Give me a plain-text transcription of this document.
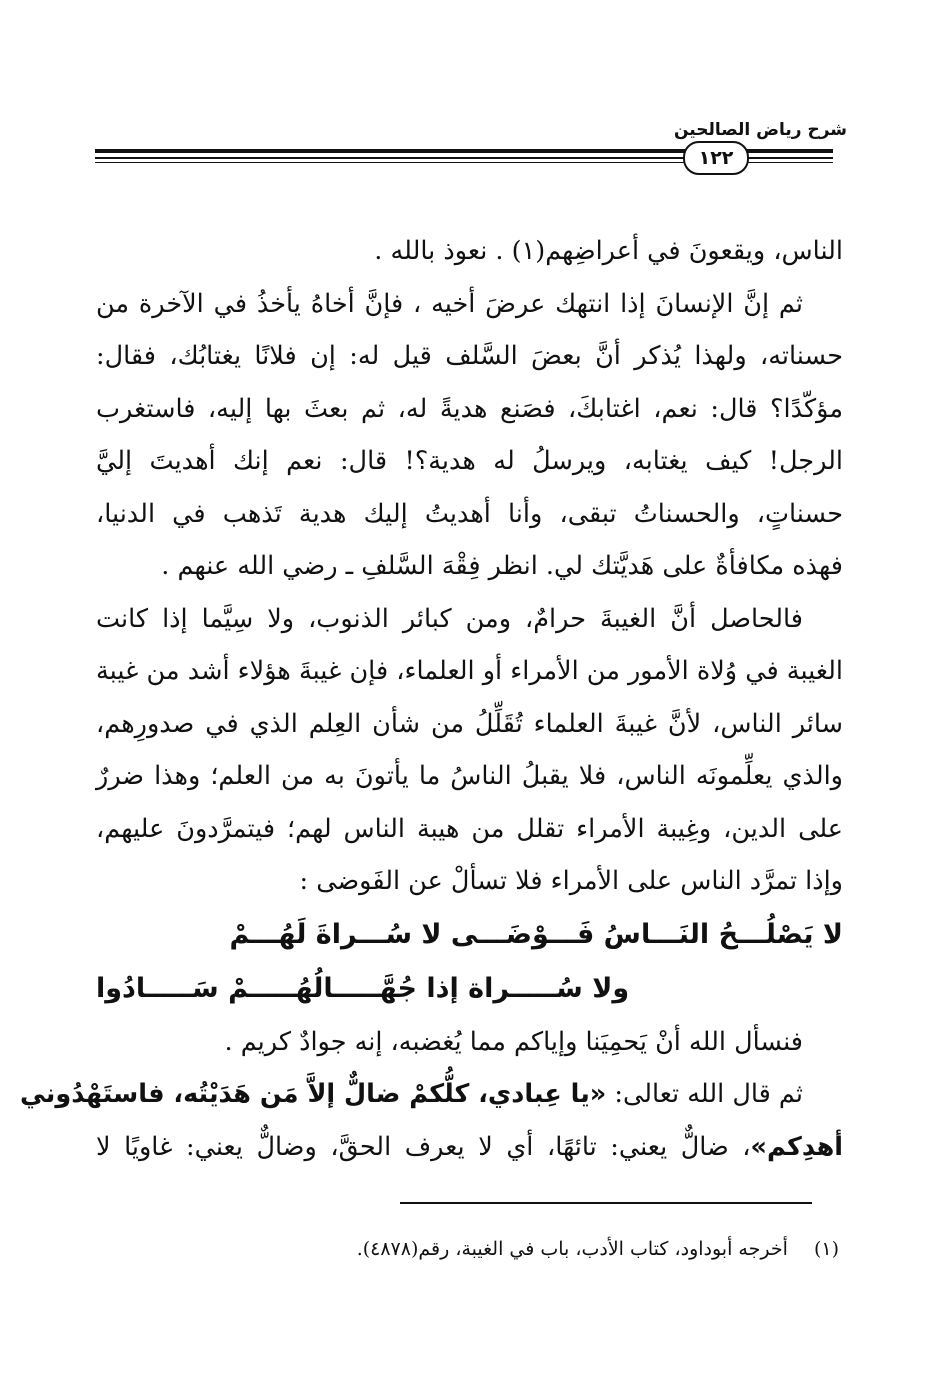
شرح رياض الصالحين
١٢٢
الناس، ويقعونَ في أعراضِهم(١) . نعوذ بالله .
ثم إنَّ الإنسانَ إذا انتهك عرضَ أخيه ، فإنَّ أخاهُ يأخذُ في الآخرة من
حسناته، ولهذا يُذكر أنَّ بعضَ السَّلف قيل له: إن فلانًا يغتابُك، فقال:
مؤكّدًا؟ قال: نعم، اغتابكَ، فصَنع هديةً له، ثم بعثَ بها إليه، فاستغرب
الرجل! كيف يغتابه، ويرسلُ له هدية؟! قال: نعم إنك أهديتَ إليَّ
حسناتٍ، والحسناتُ تبقى، وأنا أهديتُ إليك هدية تَذهب في الدنيا،
فهذه مكافأةٌ على هَديَّتك لي. انظر فِقْهَ السَّلفِ ـ رضي الله عنهم .
فالحاصل أنَّ الغيبةَ حرامٌ، ومن كبائر الذنوب، ولا سِيَّما إذا كانت
الغيبة في وُلاة الأمور من الأمراء أو العلماء، فإن غيبةَ هؤلاء أشد من غيبة
سائر الناس، لأنَّ غيبةَ العلماء تُقَلِّلُ من شأن العِلم الذي في صدورِهم،
والذي يعلِّمونَه الناس، فلا يقبلُ الناسُ ما يأتونَ به من العلم؛ وهذا ضررٌ
على الدين، وغِيبة الأمراء تقلل من هيبة الناس لهم؛ فيتمرَّدونَ عليهم،
وإذا تمرَّد الناس على الأمراء فلا تسألْ عن الفَوضى :
لا يَصْلُـــحُ النَـــاسُ فَـــوْضَـــى لا سُـــراةَ لَهُـــمْ
ولا سُـــــراة إذا جُهَّـــــالُهُـــــمْ سَـــــادُوا
فنسأل الله أنْ يَحمِيَنا وإياكم مما يُغضبه، إنه جوادٌ كريم .
ثم قال الله تعالى: «يا عِبادي، كلُّكمْ ضالٌّ إلاَّ مَن هَدَيْتُه، فاستَهْدُوني
أهدِكم»، ضالٌّ يعني: تائهًا، أي لا يعرف الحقَّ، وضالٌّ يعني: غاويًا لا
(١)  أخرجه أبوداود، كتاب الأدب، باب في الغيبة، رقم(٤٨٧٨).
